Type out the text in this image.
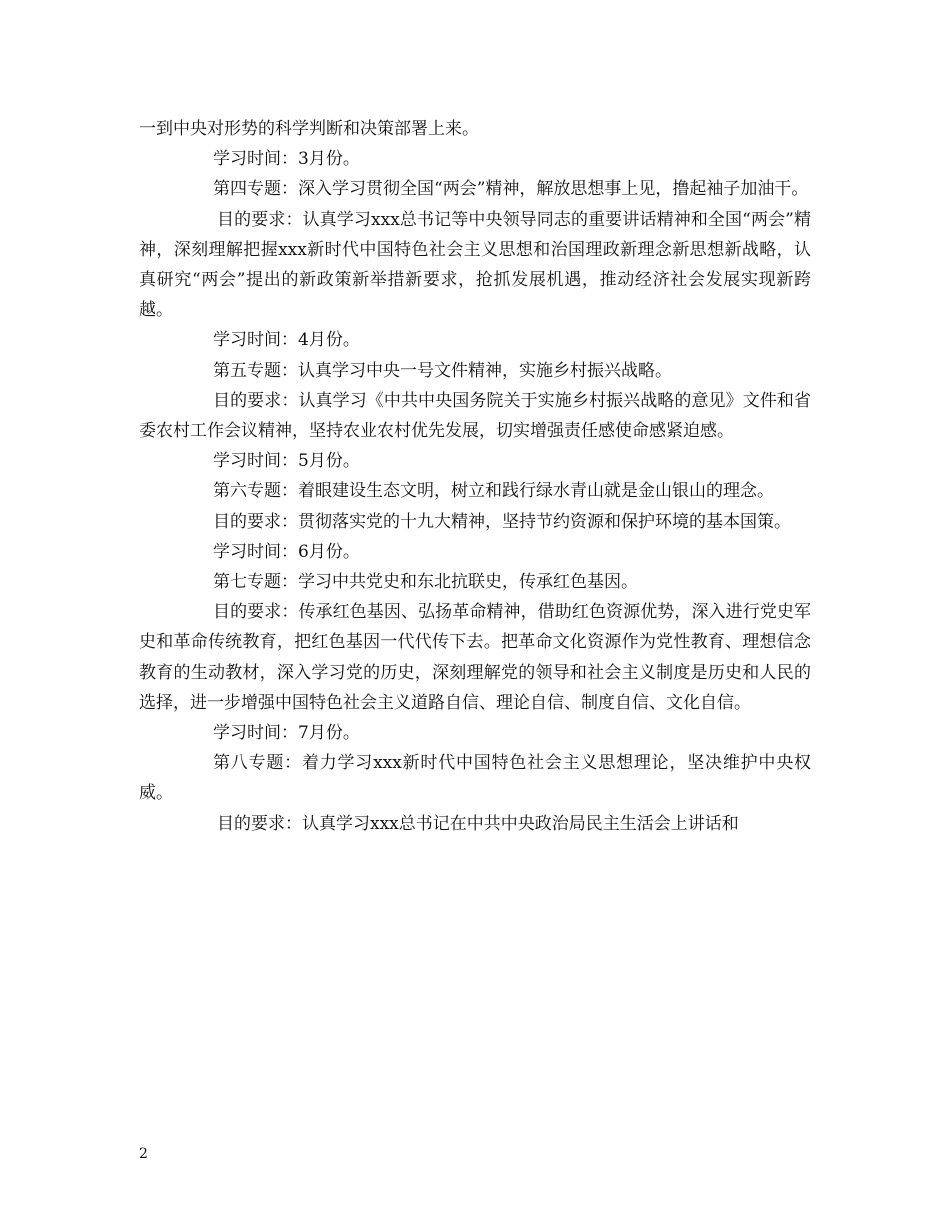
一到中央对形势的科学判断和决策部署上来。

学习时间：3月份。

第四专题：深入学习贯彻全国“两会”精神，解放思想事上见，撸起袖子加油干。

目的要求：认真学习xxx总书记等中央领导同志的重要讲话精神和全国“两会”精神，深刻理解把握xxx新时代中国特色社会主义思想和治国理政新理念新思想新战略，认真研究“两会”提出的新政策新举措新要求，抢抓发展机遇，推动经济社会发展实现新跨越。

学习时间：4月份。

第五专题：认真学习中央一号文件精神，实施乡村振兴战略。

目的要求：认真学习《中共中央国务院关于实施乡村振兴战略的意见》文件和省委农村工作会议精神，坚持农业农村优先发展，切实增强责任感使命感紧迫感。

学习时间：5月份。

第六专题：着眼建设生态文明，树立和践行绿水青山就是金山银山的理念。

目的要求：贯彻落实党的十九大精神，坚持节约资源和保护环境的基本国策。

学习时间：6月份。

第七专题：学习中共党史和东北抗联史，传承红色基因。

目的要求：传承红色基因、弘扬革命精神，借助红色资源优势，深入进行党史军史和革命传统教育，把红色基因一代代传下去。把革命文化资源作为党性教育、理想信念教育的生动教材，深入学习党的历史，深刻理解党的领导和社会主义制度是历史和人民的选择，进一步增强中国特色社会主义道路自信、理论自信、制度自信、文化自信。

学习时间：7月份。

第八专题：着力学习xxx新时代中国特色社会主义思想理论，坚决维护中央权威。

目的要求：认真学习xxx总书记在中共中央政治局民主生活会上讲话和

2
